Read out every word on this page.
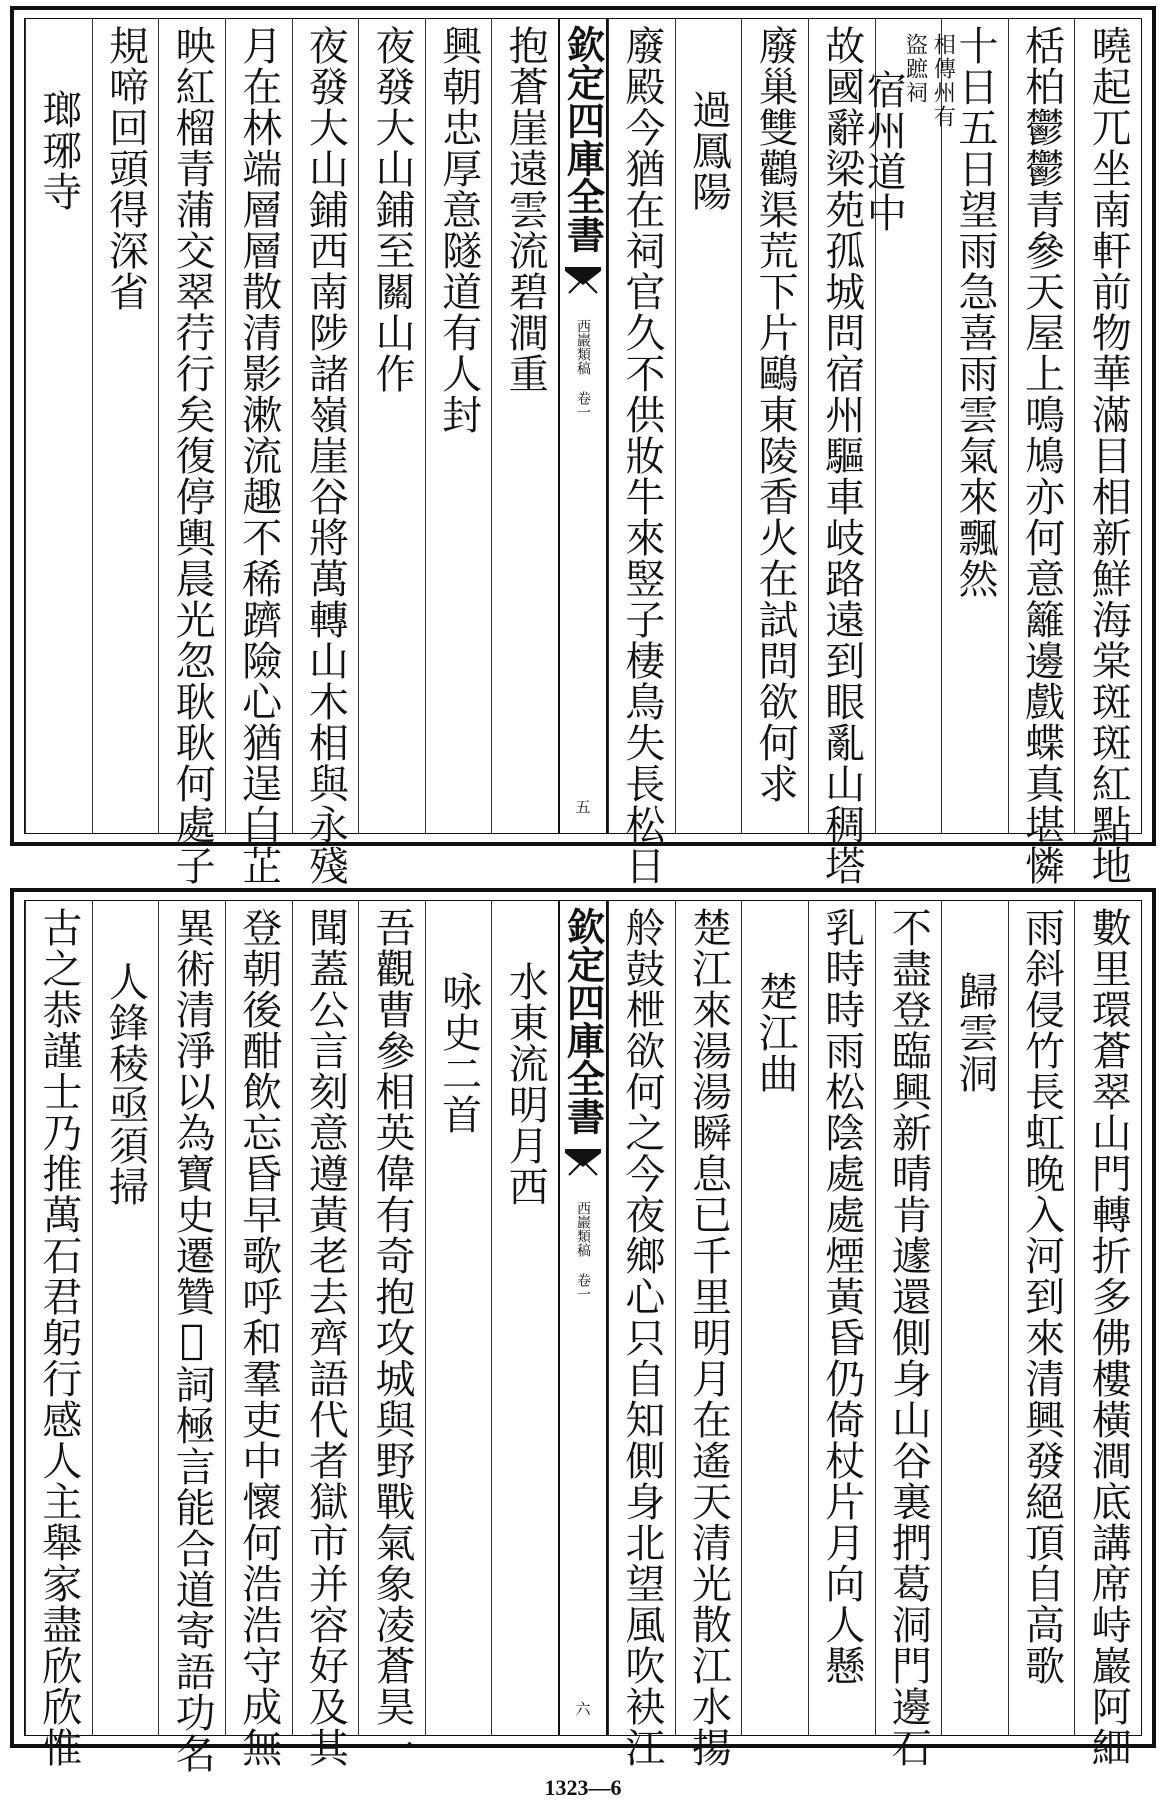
曉起兀坐南軒前物華滿目相新鮮海棠斑斑紅點地
栝柏鬱鬱青參天屋上鳴鳩亦何意籬邊戲蝶真堪憐
十日五日望雨急喜雨雲氣來飄然
宿州道中 相傳州有
盜蹠祠
故國辭梁苑孤城問宿州驅車岐路遠到眼亂山稠塔
廢巢雙鸛渠荒下片鷗東陵香火在試問欲何求
過鳳陽
廢殿今猶在祠官久不供妝牛來竪子棲鳥失長松日
欽定四庫全書
西巖類稿 卷一
五
抱蒼崖遠雲流碧澗重
興朝忠厚意隧道有人封
夜發大山鋪至關山作
夜發大山鋪西南陟諸嶺崖谷將萬轉山木相與永殘
月在林端層層散清影漱流趣不稀躋險心猶逞白芷
映紅榴青蒲交翠荇行矣復停輿晨光忽耿耿何處子
規啼回頭得深省
瑯琊寺
數里環蒼翠山門轉折多佛樓橫澗底講席峙巖阿細
雨斜侵竹長虹晚入河到來清興發絕頂自高歌
歸雲洞
不盡登臨興新晴肯遽還側身山谷裏捫葛洞門邊石
乳時時雨松陰處處煙黃昏仍倚杖片月向人懸
楚江曲
楚江來湯湯瞬息已千里明月在遙天清光散江水揚
舲鼓枻欲何之今夜鄉心只自知側身北望風吹袂江
欽定四庫全書
西巖類稿 卷一
六
水東流明月西
咏史二首
吾觀曹參相英偉有奇抱攻城與野戰氣象凌蒼昊一
聞蓋公言刻意遵黃老去齊語代者獄市并容好及其
登朝後酣飲忘昏早歌呼和羣吏中懷何浩浩守成無
異術清淨以為寶史遷贊𨺚詞極言能合道寄語功名
人鋒稜亟須掃
古之恭謹士乃推萬石君躬行感人主舉家盡欣欣惟
1323—6
